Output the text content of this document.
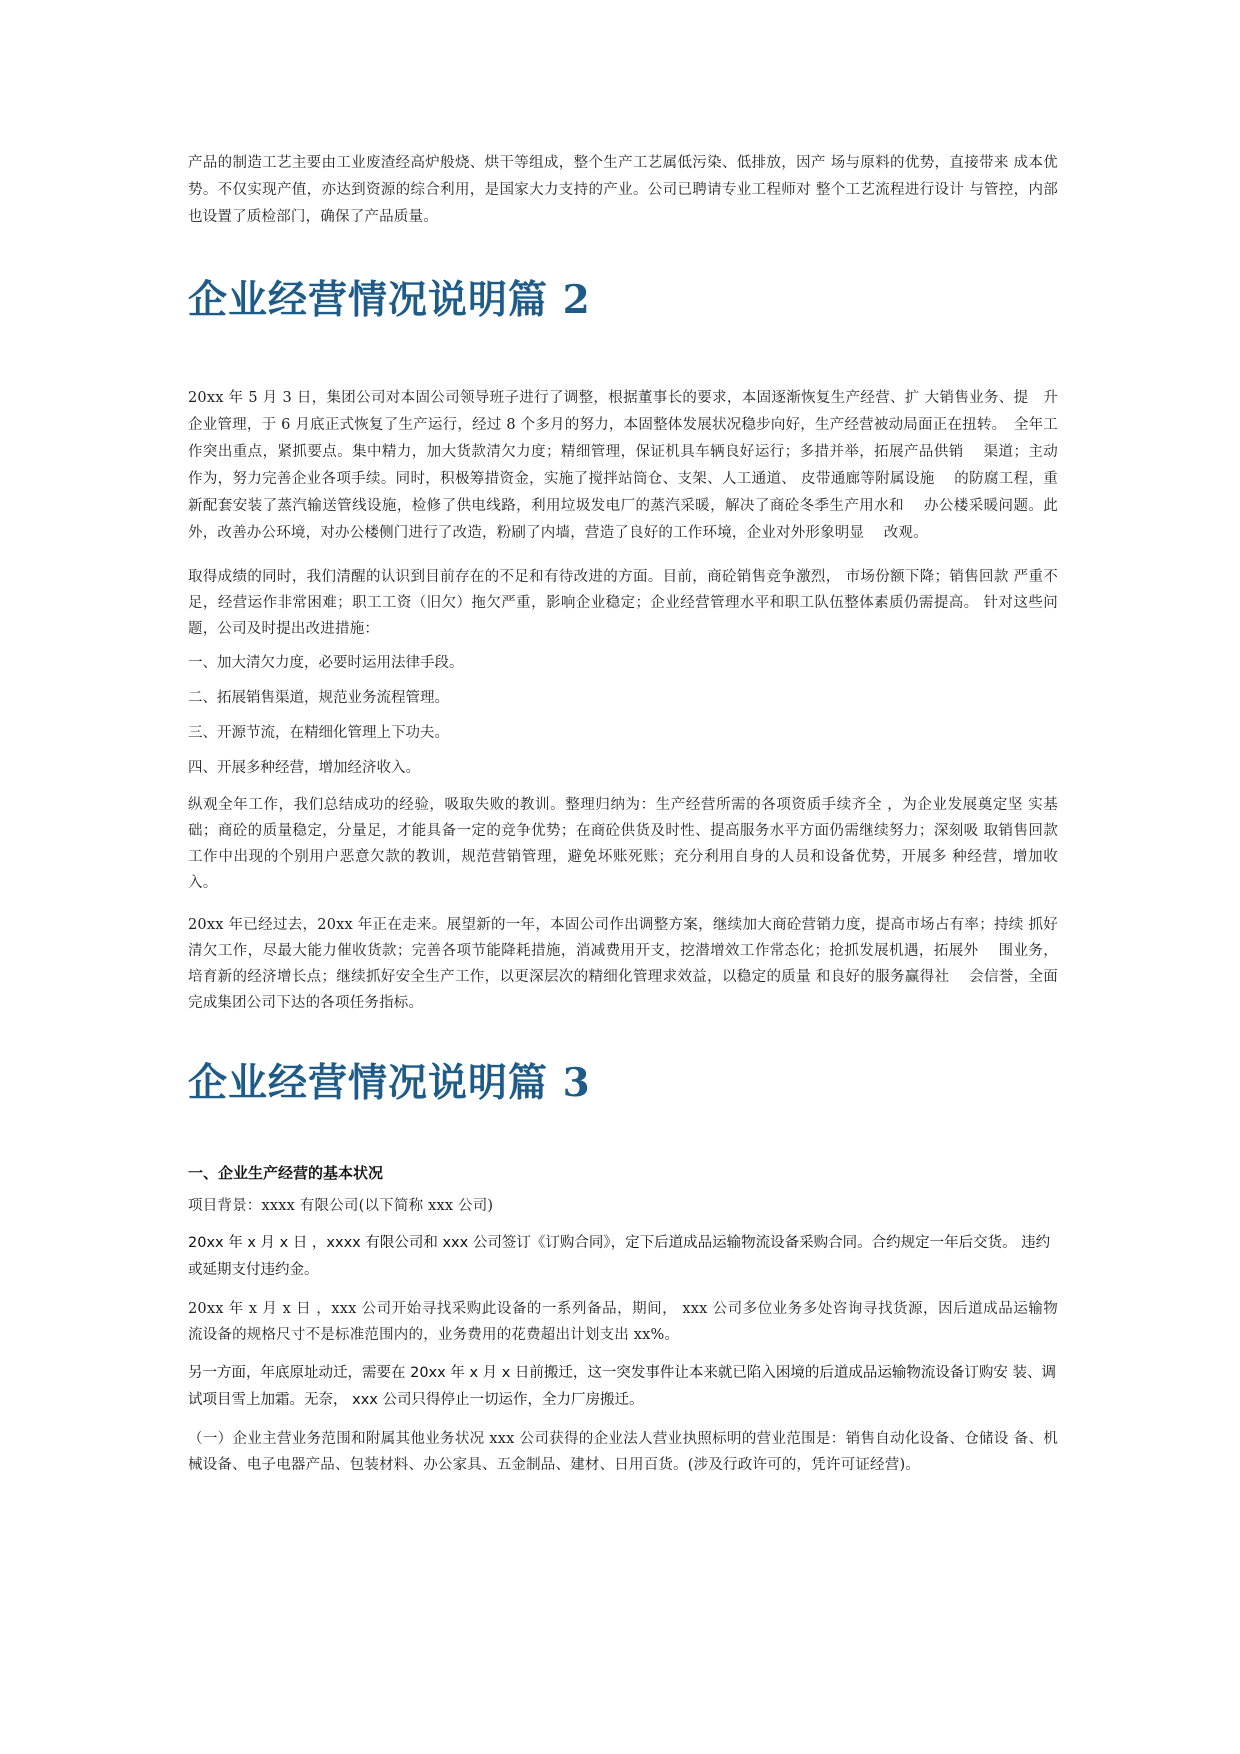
产品的制造工艺主要由工业废渣经高炉般烧、烘干等组成，整个生产工艺属低污染、低排放，因产 场与原料的优势，直接带来 成本优势。不仅实现产值，亦达到资源的综合利用，是国家大力支持的产业。公司已聘请专业工程师对 整个工艺流程进行设计 与管控，内部也设置了质检部门，确保了产品质量。

企业经营情况说明篇 2

20xx 年 5 月 3 日，集团公司对本固公司领导班子进行了调整，根据董事长的要求，本固逐渐恢复生产经营、扩 大销售业务、提　升企业管理，于 6 月底正式恢复了生产运行，经过 8 个多月的努力，本固整体发展状况稳步向好，生产经营被动局面正在扭转。　全年工作突出重点，紧抓要点。集中精力，加大货款清欠力度；精细管理，保证机具车辆良好运行；多措并举，拓展产品供销　 渠道；主动作为，努力完善企业各项手续。同时，积极筹措资金，实施了搅拌站筒仓、支架、人工通道、 皮带通廊等附属设施　 的防腐工程，重新配套安装了蒸汽输送管线设施，检修了供电线路，利用垃圾发电厂的蒸汽采暖，解决了商砼冬季生产用水和　 办公楼采暖问题。此外，改善办公环境，对办公楼侧门进行了改造，粉刷了内墙，营造了良好的工作环境，企业对外形象明显　 改观。

取得成绩的同时，我们清醒的认识到目前存在的不足和有待改进的方面。目前，商砼销售竞争激烈， 市场份额下降；销售回款 严重不足，经营运作非常困难；职工工资（旧欠）拖欠严重，影响企业稳定；企业经营管理水平和职工队伍整体素质仍需提高。 针对这些问题，公司及时提出改进措施：

一、加大清欠力度，必要时运用法律手段。

二、拓展销售渠道，规范业务流程管理。

三、开源节流，在精细化管理上下功夫。

四、开展多种经营，增加经济收入。

纵观全年工作，我们总结成功的经验，吸取失败的教训。整理归纳为：生产经营所需的各项资质手续齐全 ，为企业发展奠定坚 实基础；商砼的质量稳定，分量足，才能具备一定的竞争优势；在商砼供货及时性、提高服务水平方面仍需继续努力；深刻吸 取销售回款工作中出现的个别用户恶意欠款的教训，规范营销管理，避免坏账死账；充分利用自身的人员和设备优势，开展多 种经营，增加收入。

20xx 年已经过去，20xx 年正在走来。展望新的一年，本固公司作出调整方案，继续加大商砼营销力度，提高市场占有率；持续 抓好清欠工作，尽最大能力催收货款；完善各项节能降耗措施，消减费用开支，挖潜增效工作常态化；抢抓发展机遇，拓展外　 围业务，培育新的经济增长点；继续抓好安全生产工作，以更深层次的精细化管理求效益，以稳定的质量 和良好的服务赢得社　 会信誉，全面完成集团公司下达的各项任务指标。

企业经营情况说明篇 3

一、企业生产经营的基本状况

项目背景：xxxx 有限公司(以下简称 xxx 公司)

20xx 年 x 月 x 日 ，xxxx 有限公司和 xxx 公司签订《订购合同》，定下后道成品运输物流设备采购合同。合约规定一年后交货。 违约或延期支付违约金。

20xx 年 x 月 x 日 ，xxx 公司开始寻找采购此设备的一系列备品，期间， xxx 公司多位业务多处咨询寻找货源，因后道成品运输物 流设备的规格尺寸不是标准范围内的，业务费用的花费超出计划支出 xx%。

另一方面，年底原址动迁，需要在 20xx 年 x 月 x 日前搬迁，这一突发事件让本来就已陷入困境的后道成品运输物流设备订购安 装、调试项目雪上加霜。无奈， xxx 公司只得停止一切运作，全力厂房搬迁。

（一）企业主营业务范围和附属其他业务状况 xxx 公司获得的企业法人营业执照标明的营业范围是：销售自动化设备、仓储设 备、机械设备、电子电器产品、包装材料、办公家具、五金制品、建材、日用百货。(涉及行政许可的，凭许可证经营)。
